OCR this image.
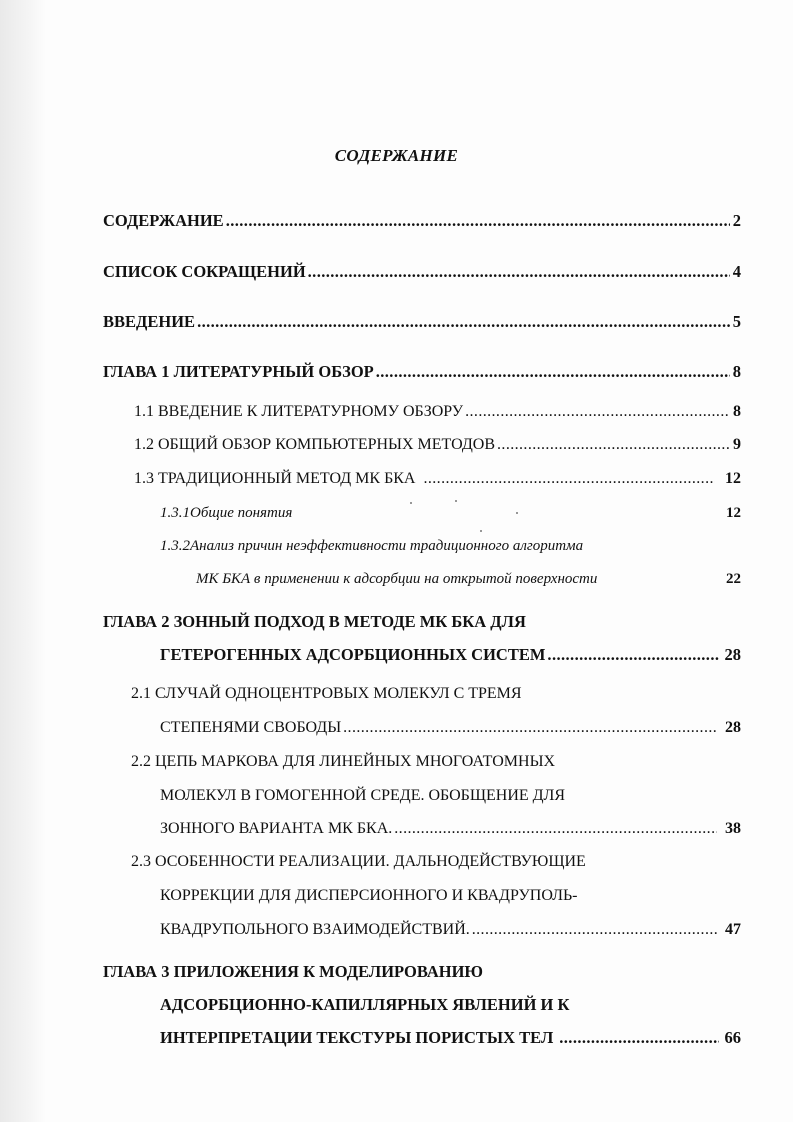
СОДЕРЖАНИЕ
СОДЕРЖАНИЕ .....	2
СПИСОК СОКРАЩЕНИЙ .....	4
ВВЕДЕНИЕ .....	5
ГЛАВА 1 ЛИТЕРАТУРНЫЙ ОБЗОР .....	8
1.1 ВВЕДЕНИЕ К ЛИТЕРАТУРНОМУ ОБЗОРУ .....	8
1.2 ОБЩИЙ ОБЗОР КОМПЬЮТЕРНЫХ МЕТОДОВ .....	9
1.3 ТРАДИЦИОННЫЙ МЕТОД МК БКА .....	12
1.3.1Общие понятия	12
1.3.2Анализ причин неэффективности традиционного алгоритма
МК БКА в применении к адсорбции на открытой поверхности	22
ГЛАВА 2 ЗОННЫЙ ПОДХОД В МЕТОДЕ МК БКА ДЛЯ
ГЕТЕРОГЕННЫХ АДСОРБЦИОННЫХ СИСТЕМ .....	28
2.1 СЛУЧАЙ ОДНОЦЕНТРОВЫХ МОЛЕКУЛ С ТРЕМЯ
СТЕПЕНЯМИ СВОБОДЫ .....	28
2.2 ЦЕПЬ МАРКОВА ДЛЯ ЛИНЕЙНЫХ МНОГОАТОМНЫХ
МОЛЕКУЛ В ГОМОГЕННОЙ СРЕДЕ. ОБОБЩЕНИЕ ДЛЯ
ЗОННОГО ВАРИАНТА МК БКА. .....	38
2.3 ОСОБЕННОСТИ РЕАЛИЗАЦИИ. ДАЛЬНОДЕЙСТВУЮЩИЕ
КОРРЕКЦИИ ДЛЯ ДИСПЕРСИОННОГО И КВАДРУПОЛЬ-
КВАДРУПОЛЬНОГО ВЗАИМОДЕЙСТВИЙ. .....	47
ГЛАВА 3 ПРИЛОЖЕНИЯ К МОДЕЛИРОВАНИЮ
АДСОРБЦИОННО-КАПИЛЛЯРНЫХ ЯВЛЕНИЙ И К
ИНТЕРПРЕТАЦИИ ТЕКСТУРЫ ПОРИСТЫХ ТЕЛ .....	66
